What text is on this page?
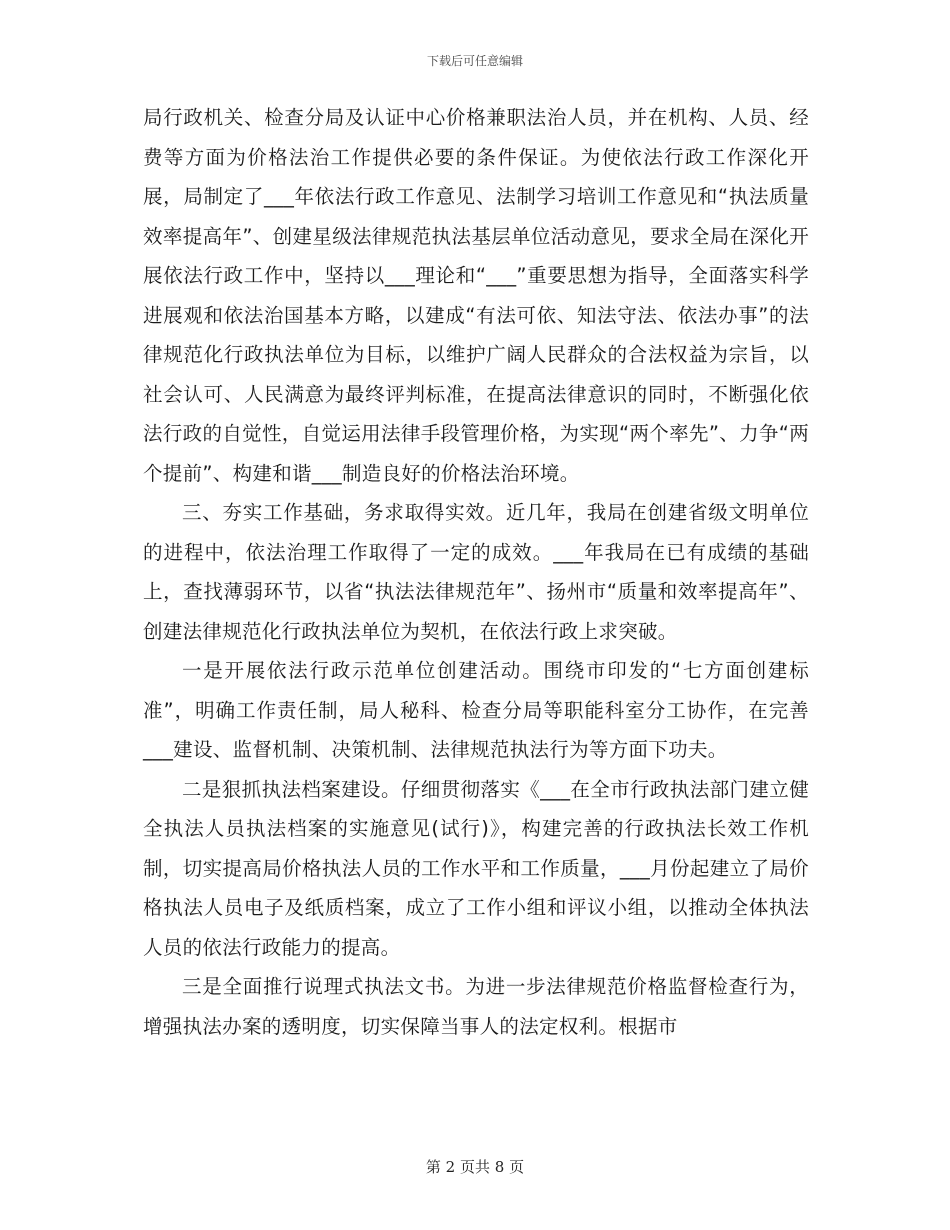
下载后可任意编辑

局行政机关、检查分局及认证中心价格兼职法治人员，并在机构、人员、经费等方面为价格法治工作提供必要的条件保证。为使依法行政工作深化开展，局制定了___年依法行政工作意见、法制学习培训工作意见和“执法质量效率提高年”、创建星级法律规范执法基层单位活动意见，要求全局在深化开展依法行政工作中，坚持以___理论和“___”重要思想为指导，全面落实科学进展观和依法治国基本方略，以建成“有法可依、知法守法、依法办事”的法律规范化行政执法单位为目标，以维护广阔人民群众的合法权益为宗旨，以社会认可、人民满意为最终评判标准，在提高法律意识的同时，不断强化依法行政的自觉性，自觉运用法律手段管理价格，为实现“两个率先”、力争“两个提前”、构建和谐___制造良好的价格法治环境。

三、夯实工作基础，务求取得实效。近几年，我局在创建省级文明单位的进程中，依法治理工作取得了一定的成效。___年我局在已有成绩的基础上，查找薄弱环节，以省“执法法律规范年”、扬州市“质量和效率提高年”、创建法律规范化行政执法单位为契机，在依法行政上求突破。

一是开展依法行政示范单位创建活动。围绕市印发的“七方面创建标准”，明确工作责任制，局人秘科、检查分局等职能科室分工协作，在完善___建设、监督机制、决策机制、法律规范执法行为等方面下功夫。

二是狠抓执法档案建设。仔细贯彻落实《___在全市行政执法部门建立健全执法人员执法档案的实施意见(试行)》，构建完善的行政执法长效工作机制，切实提高局价格执法人员的工作水平和工作质量，___月份起建立了局价格执法人员电子及纸质档案，成立了工作小组和评议小组，以推动全体执法人员的依法行政能力的提高。

三是全面推行说理式执法文书。为进一步法律规范价格监督检查行为，增强执法办案的透明度，切实保障当事人的法定权利。根据市

第 2 页共 8 页
